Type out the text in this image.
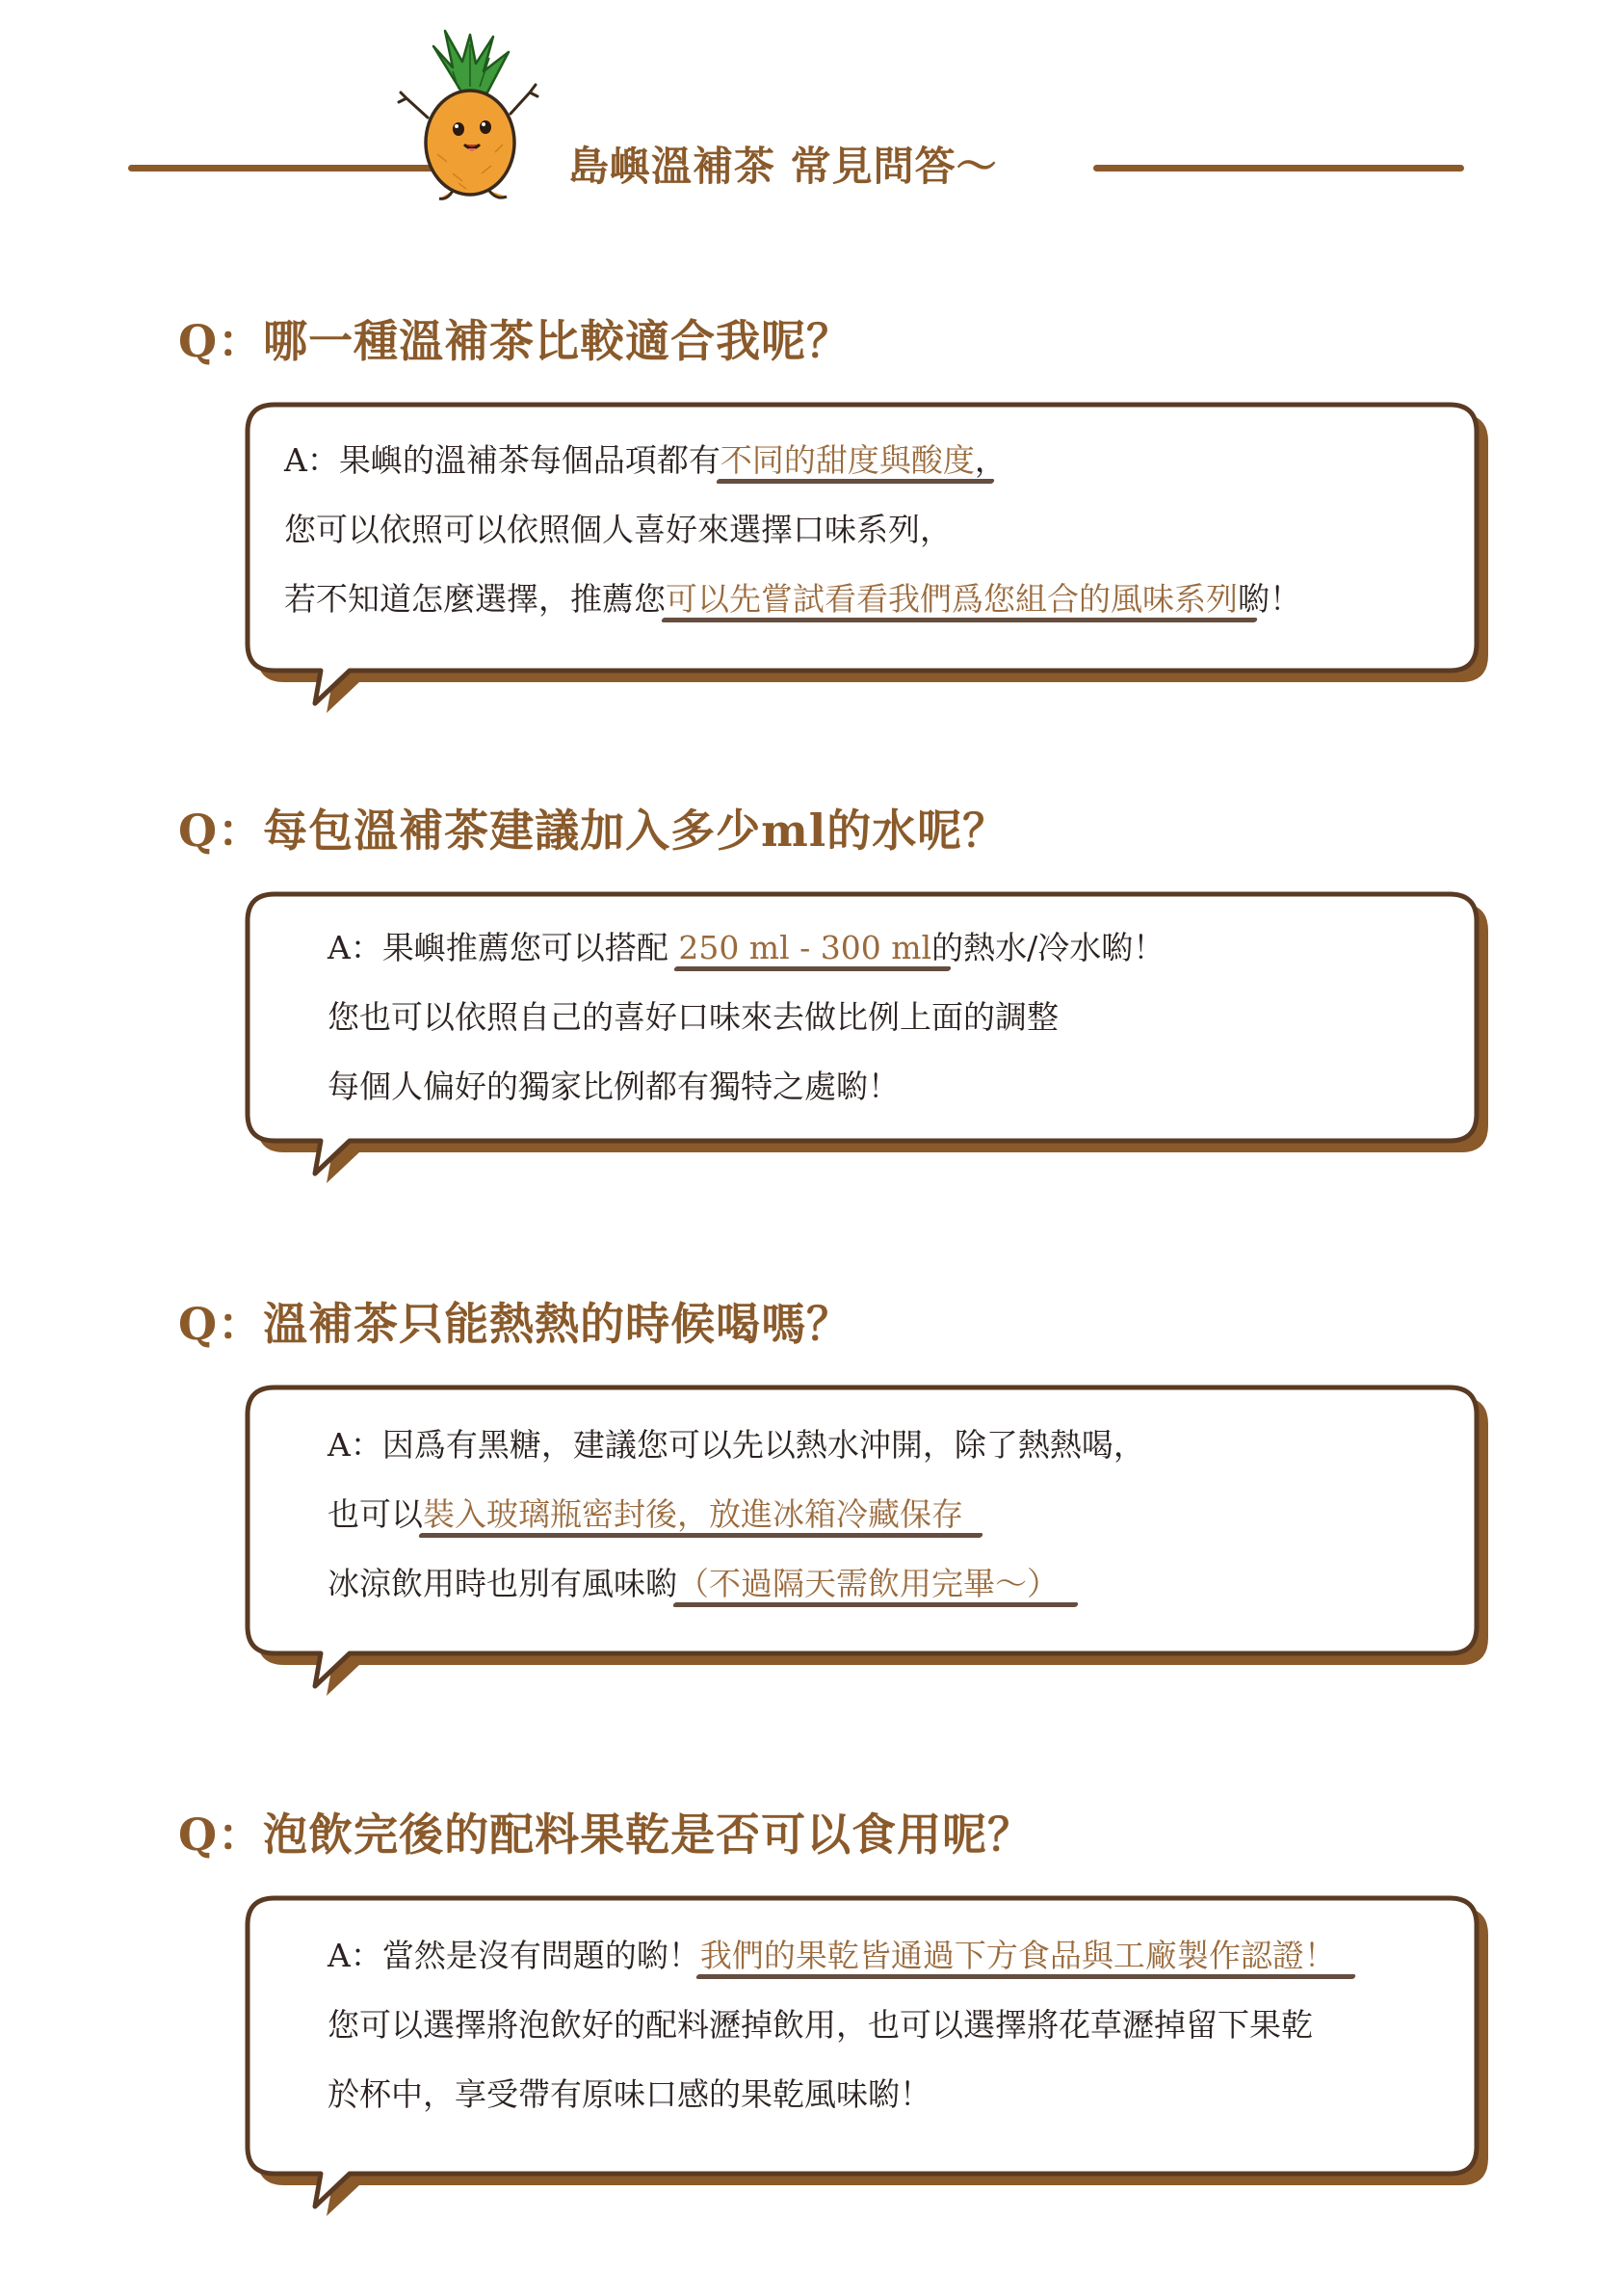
島嶼溫補茶 常見問答～
Q：哪一種溫補茶比較適合我呢？
A：果嶼的溫補茶每個品項都有不同的甜度與酸度，
您可以依照可以依照個人喜好來選擇口味系列，
若不知道怎麼選擇，推薦您可以先嘗試看看我們爲您組合的風味系列喲！
Q：每包溫補茶建議加入多少ml的水呢？
A：果嶼推薦您可以搭配 250 ml - 300 ml的熱水/冷水喲！
您也可以依照自己的喜好口味來去做比例上面的調整
每個人偏好的獨家比例都有獨特之處喲！
Q：溫補茶只能熱熱的時候喝嗎？
A：因爲有黑糖，建議您可以先以熱水沖開，除了熱熱喝，
也可以裝入玻璃瓶密封後，放進冰箱冷藏保存
冰涼飲用時也別有風味喲（不過隔天需飲用完畢～）
Q：泡飲完後的配料果乾是否可以食用呢？
A：當然是沒有問題的喲！我們的果乾皆通過下方食品與工廠製作認證！
您可以選擇將泡飲好的配料瀝掉飲用，也可以選擇將花草瀝掉留下果乾
於杯中，享受帶有原味口感的果乾風味喲！
